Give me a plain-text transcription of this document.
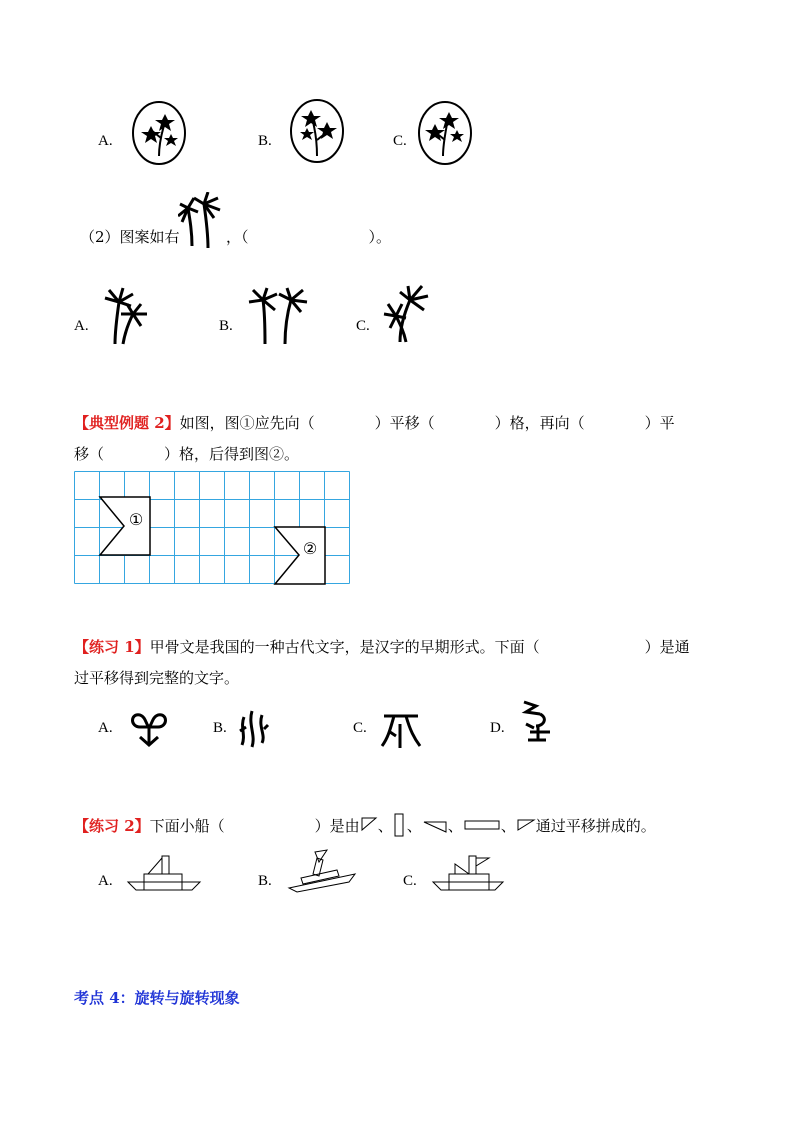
A.	B.	C.
（2）图案如右	，（　　　　　　　　）。
A.	B.	C.
【典型例题 2】如图，图①应先向（　　　　）平移（　　　　）格，再向（　　　　）平
移（　　　　）格，后得到图②。
①
②
【练习 1】甲骨文是我国的一种古代文字，是汉字的早期形式。下面（　　　　　　　）是通
过平移得到完整的文字。
A.	B.	C.	D.
【练习 2】 下面小船（　　　　　　）是由 、 、 、	、 通过平移拼成的。
A.	B.	C.
考点 4：旋转与旋转现象
